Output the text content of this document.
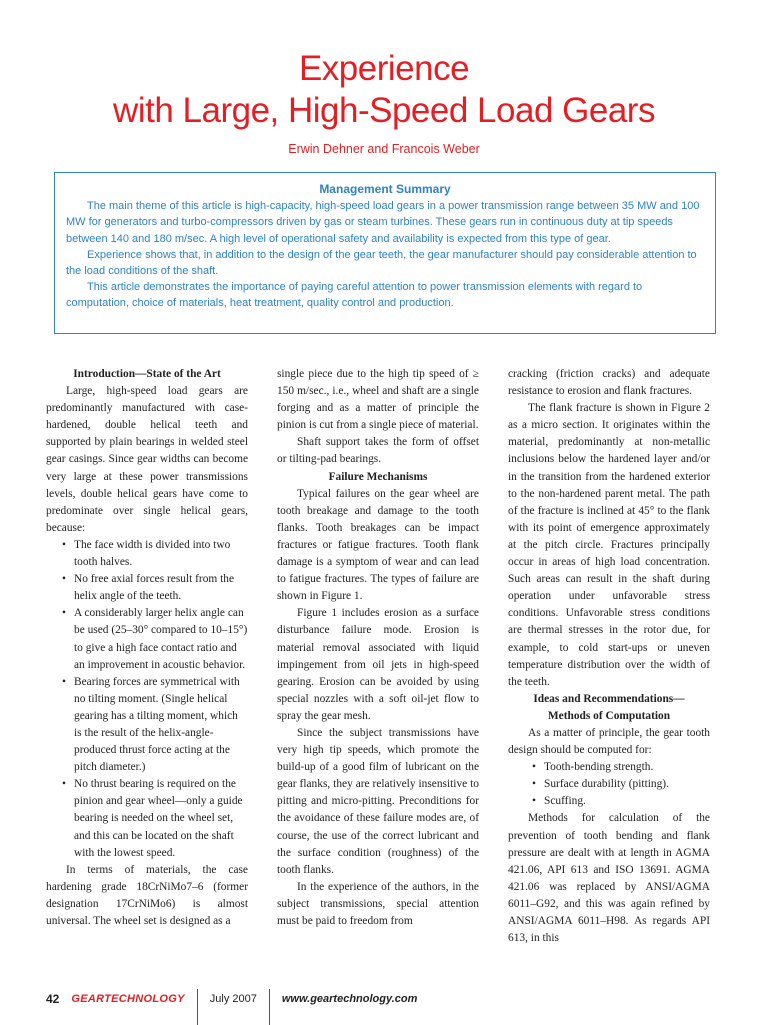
Experience
with Large, High-Speed Load Gears
Erwin Dehner and Francois Weber
Management Summary

The main theme of this article is high-capacity, high-speed load gears in a power transmission range between 35 MW and 100 MW for generators and turbo-compressors driven by gas or steam turbines. These gears run in continuous duty at tip speeds between 140 and 180 m/sec. A high level of operational safety and availability is expected from this type of gear.

Experience shows that, in addition to the design of the gear teeth, the gear manufacturer should pay considerable attention to the load conditions of the shaft.

This article demonstrates the importance of paying careful attention to power transmission elements with regard to computation, choice of materials, heat treatment, quality control and production.

Introduction—State of the Art

Large, high-speed load gears are predominantly manufactured with case-hardened, double helical teeth and supported by plain bearings in welded steel gear casings. Since gear widths can become very large at these power transmissions levels, double helical gears have come to predominate over single helical gears, because:

• The face width is divided into two tooth halves.
• No free axial forces result from the helix angle of the teeth.
• A considerably larger helix angle can be used (25–30° compared to 10–15°) to give a high face contact ratio and an improvement in acoustic behavior.
• Bearing forces are symmetrical with no tilting moment. (Single helical gearing has a tilting moment, which is the result of the helix-angle-produced thrust force acting at the pitch diameter.)
• No thrust bearing is required on the pinion and gear wheel—only a guide bearing is needed on the wheel set, and this can be located on the shaft with the lowest speed.

In terms of materials, the case hardening grade 18CrNiMo7–6 (former designation 17CrNiMo6) is almost universal. The wheel set is designed as a

single piece due to the high tip speed of ≥ 150 m/sec., i.e., wheel and shaft are a single forging and as a matter of principle the pinion is cut from a single piece of material.

Shaft support takes the form of offset or tilting-pad bearings.

Failure Mechanisms

Typical failures on the gear wheel are tooth breakage and damage to the tooth flanks. Tooth breakages can be impact fractures or fatigue fractures. Tooth flank damage is a symptom of wear and can lead to fatigue fractures. The types of failure are shown in Figure 1.

Figure 1 includes erosion as a surface disturbance failure mode. Erosion is material removal associated with liquid impingement from oil jets in high-speed gearing. Erosion can be avoided by using special nozzles with a soft oil-jet flow to spray the gear mesh.

Since the subject transmissions have very high tip speeds, which promote the build-up of a good film of lubricant on the gear flanks, they are relatively insensitive to pitting and micro-pitting. Preconditions for the avoidance of these failure modes are, of course, the use of the correct lubricant and the surface condition (roughness) of the tooth flanks.

In the experience of the authors, in the subject transmissions, special attention must be paid to freedom from

cracking (friction cracks) and adequate resistance to erosion and flank fractures.

The flank fracture is shown in Figure 2 as a micro section. It originates within the material, predominantly at non-metallic inclusions below the hardened layer and/or in the transition from the hardened exterior to the non-hardened parent metal. The path of the fracture is inclined at 45° to the flank with its point of emergence approximately at the pitch circle. Fractures principally occur in areas of high load concentration. Such areas can result in the shaft during operation under unfavorable stress conditions. Unfavorable stress conditions are thermal stresses in the rotor due, for example, to cold start-ups or uneven temperature distribution over the width of the teeth.

Ideas and Recommendations—

Methods of Computation

As a matter of principle, the gear tooth design should be computed for:

• Tooth-bending strength.
• Surface durability (pitting).
• Scuffing.

Methods for calculation of the prevention of tooth bending and flank pressure are dealt with at length in AGMA 421.06, API 613 and ISO 13691. AGMA 421.06 was replaced by ANSI/AGMA 6011–G92, and this was again refined by ANSI/AGMA 6011–H98. As regards API 613, in this

42 GEARTECHNOLOGY July 2007 www.geartechnology.com
